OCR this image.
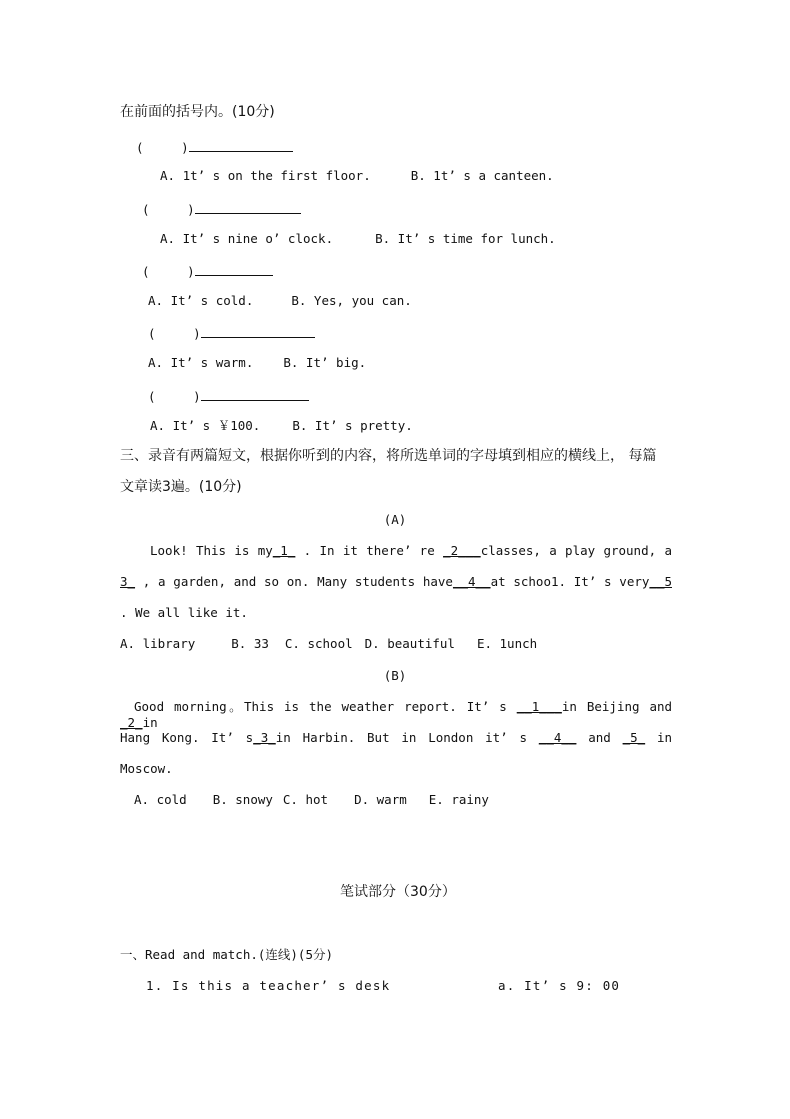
在前面的括号内。(10分)
(     )
A. 1t’ s on the first floor.	B. 1t’ s a canteen.
(     )
A. It’ s nine o’ clock.	B. It’ s time for lunch.
(     )
A. It’ s cold.	B. Yes, you can.
(     )
A. It’ s warm. B. It’ big.
(     )
A. It’ s ￥100.	B. It’ s pretty.
三、录音有两篇短文，根据你听到的内容，将所选单词的字母填到相应的横线上， 每篇
文章读3遍。(10分)
(A)
Look! This is my_1_ . In it there’ re _2___classes, a play ground, a
3_ , a garden, and so on. Many students have__4__at schoo1. It’ s very__5
. We all like it.
A. library	B. 33 C. school D. beautiful E. 1unch
(B)
Good morning。This is the weather report. It’ s __1___in Beijing and _2_in
Hang Kong. It’ s_3_in Harbin. But in London it’ s __4__ and _5_ in
Moscow.
A. cold B. snowy C. hot D. warm E. rainy
笔试部分（30分）
一、Read and match.(连线)(5分)
1. Is this a teacher’ s desk	a. It’ s 9: 00
